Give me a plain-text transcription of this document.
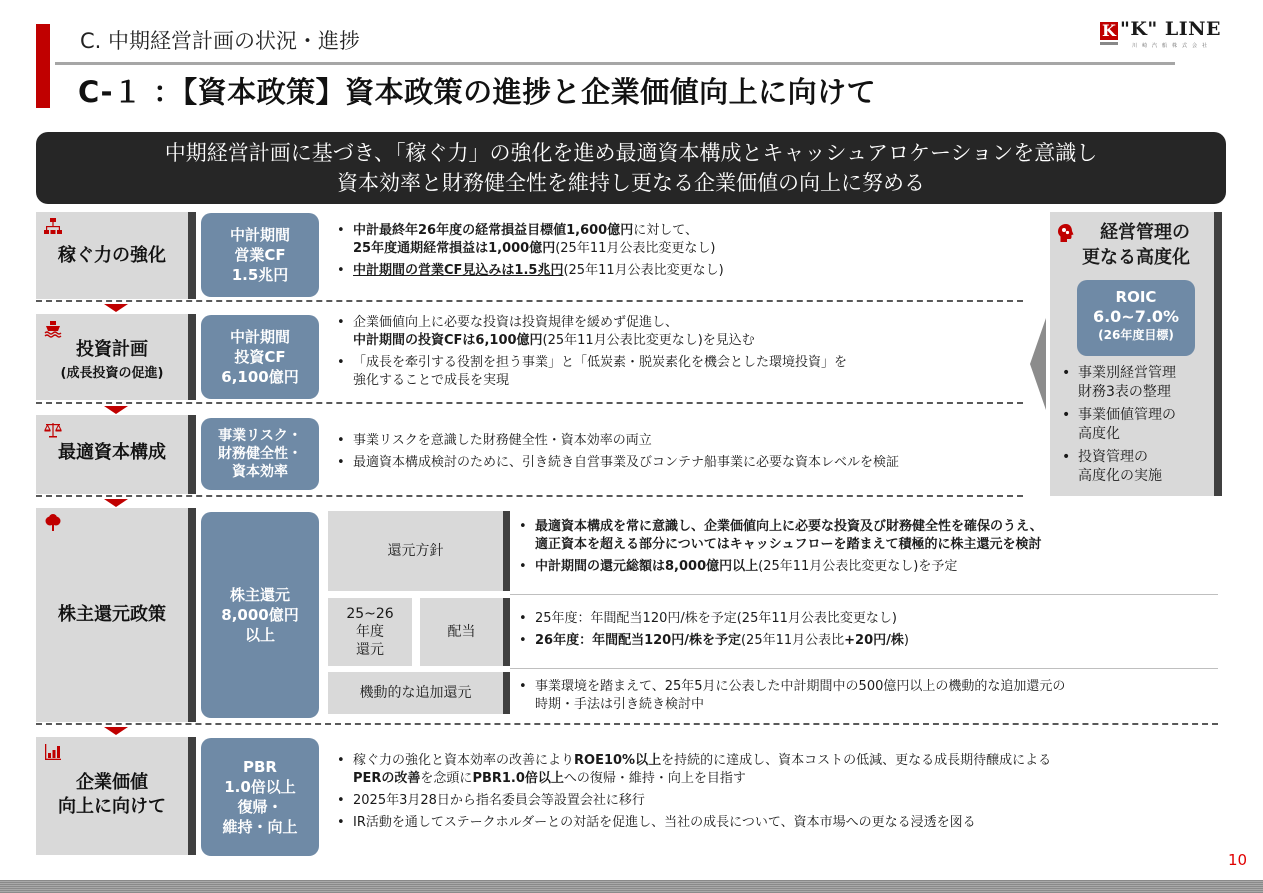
C. 中期経営計画の状況・進捗
C-１ ：【資本政策】資本政策の進捗と企業価値向上に向けて
K "K" LINE
川崎汽船株式会社
中期経営計画に基づき、「稼ぐ力」の強化を進め最適資本構成とキャッシュアロケーションを意識し
資本効率と財務健全性を維持し更なる企業価値の向上に努める
稼ぐ力の強化
中計期間
営業CF
1.5兆円
• 中計最終年26年度の経常損益目標値1,600億円に対して、
25年度通期経常損益は1,000億円(25年11月公表比変更なし)
• 中計期間の営業CF見込みは1.5兆円(25年11月公表比変更なし)
投資計画
(成長投資の促進)
中計期間
投資CF
6,100億円
• 企業価値向上に必要な投資は投資規律を緩めず促進し、
中計期間の投資CFは6,100億円(25年11月公表比変更なし)を見込む
• 「成長を牽引する役割を担う事業」と「低炭素・脱炭素化を機会とした環境投資」を
強化することで成長を実現
最適資本構成
事業リスク・
財務健全性・
資本効率
• 事業リスクを意識した財務健全性・資本効率の両立
• 最適資本構成検討のために、引き続き自営事業及びコンテナ船事業に必要な資本レベルを検証
経営管理の
更なる高度化
ROIC
6.0~7.0%
(26年度目標)
• 事業別経営管理
財務3表の整理
• 事業価値管理の
高度化
• 投資管理の
高度化の実施
株主還元政策
株主還元
8,000億円
以上
還元方針
• 最適資本構成を常に意識し、企業価値向上に必要な投資及び財務健全性を確保のうえ、
適正資本を超える部分についてはキャッシュフローを踏まえて積極的に株主還元を検討
• 中計期間の還元総額は8,000億円以上(25年11月公表比変更なし)を予定
25~26
年度
還元
配当
• 25年度：年間配当120円/株を予定(25年11月公表比変更なし)
• 26年度：年間配当120円/株を予定(25年11月公表比+20円/株)
機動的な追加還元	• 事業環境を踏まえて、25年5月に公表した中計期間中の500億円以上の機動的な追加還元の
時期・手法は引き続き検討中
企業価値
向上に向けて
PBR
1.0倍以上
復帰・
維持・向上
• 稼ぐ力の強化と資本効率の改善によりROE10%以上を持続的に達成し、資本コストの低減、更なる成長期待醸成による
PERの改善を念頭にPBR1.0倍以上への復帰・維持・向上を目指す
• 2025年3月28日から指名委員会等設置会社に移行
• IR活動を通してステークホルダーとの対話を促進し、当社の成長について、資本市場への更なる浸透を図る
10
